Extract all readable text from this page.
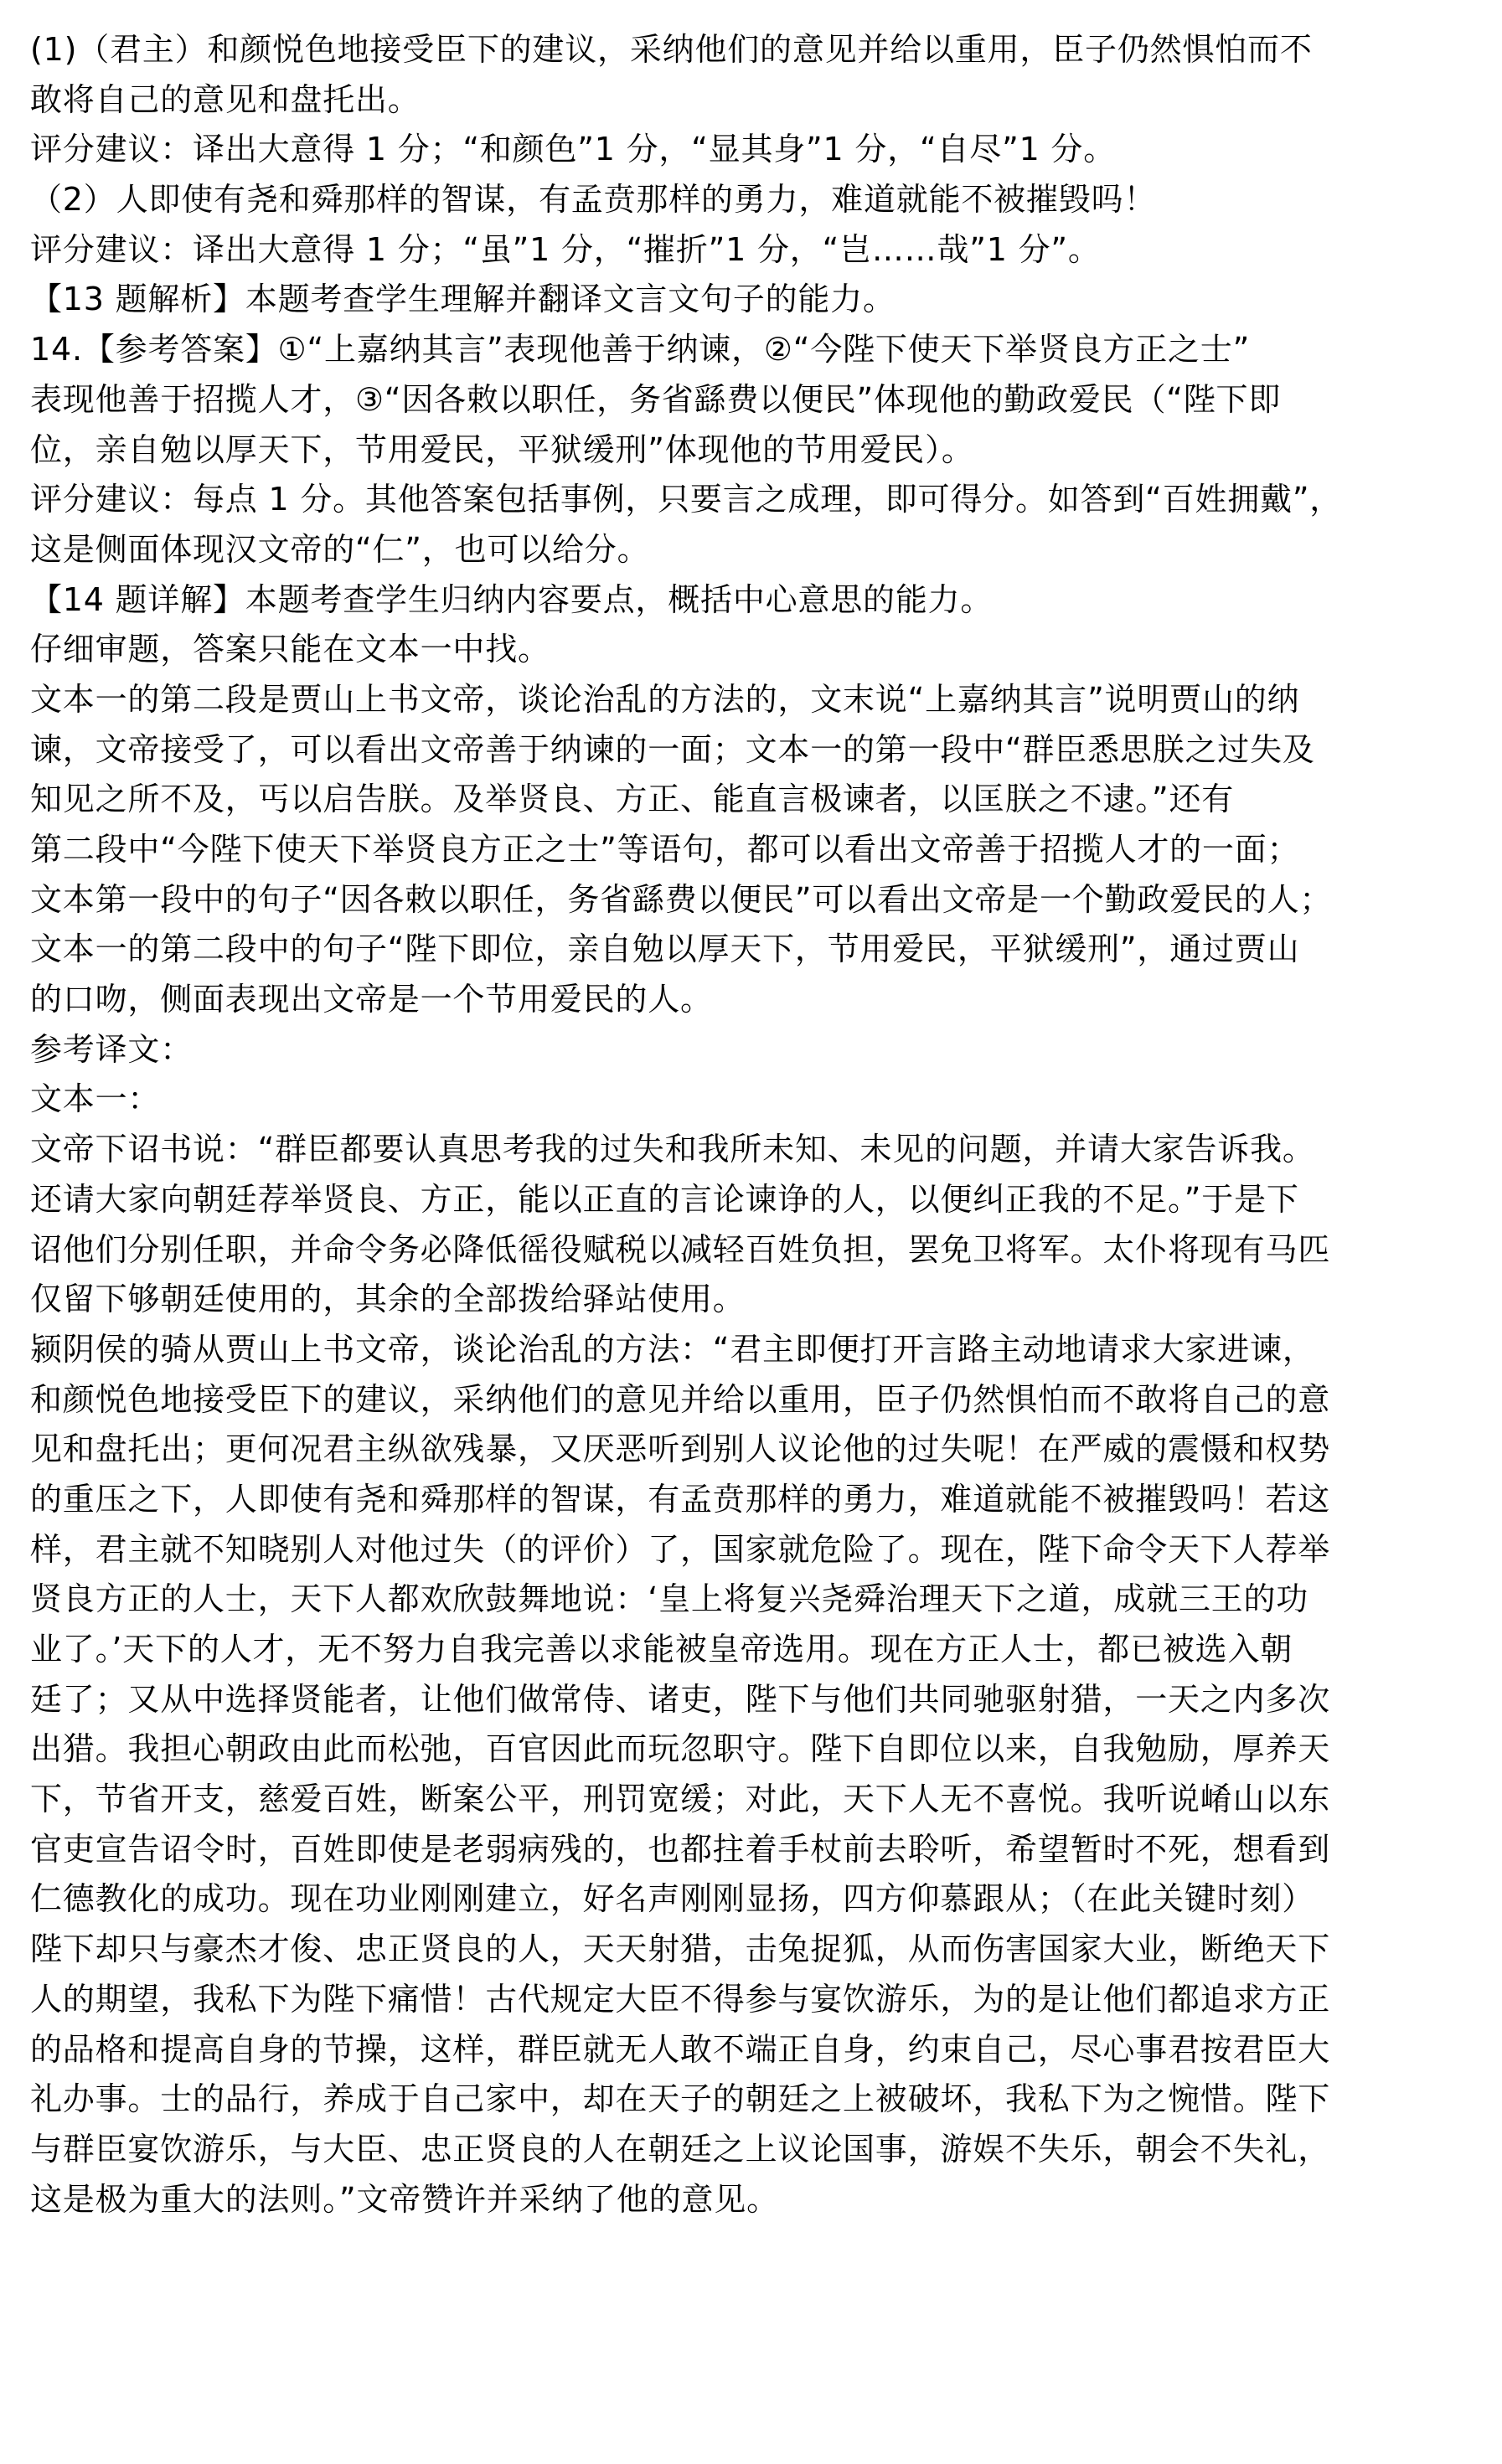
(1)（君主）和颜悦色地接受臣下的建议，采纳他们的意见并给以重用，臣子仍然惧怕而不
敢将自己的意见和盘托出。
评分建议：译出大意得 1 分；“和颜色”1 分，“显其身”1 分，“自尽”1 分。
（2）人即使有尧和舜那样的智谋，有孟贲那样的勇力，难道就能不被摧毁吗！
评分建议：译出大意得 1 分；“虽”1 分，“摧折”1 分，“岂……哉”1 分”。
【13 题解析】本题考查学生理解并翻译文言文句子的能力。
14.【参考答案】①“上嘉纳其言”表现他善于纳谏，②“今陛下使天下举贤良方正之士”
表现他善于招揽人才，③“因各敕以职任，务省繇费以便民”体现他的勤政爱民（“陛下即
位，亲自勉以厚天下，节用爱民，平狱缓刑”体现他的节用爱民）。
评分建议：每点 1 分。其他答案包括事例，只要言之成理，即可得分。如答到“百姓拥戴”，
这是侧面体现汉文帝的“仁”，也可以给分。
【14 题详解】本题考查学生归纳内容要点，概括中心意思的能力。
仔细审题，答案只能在文本一中找。
文本一的第二段是贾山上书文帝，谈论治乱的方法的，文末说“上嘉纳其言”说明贾山的纳
谏，文帝接受了，可以看出文帝善于纳谏的一面；文本一的第一段中“群臣悉思朕之过失及
知见之所不及，丐以启告朕。及举贤良、方正、能直言极谏者，以匡朕之不逮。”还有
第二段中“今陛下使天下举贤良方正之士”等语句，都可以看出文帝善于招揽人才的一面；
文本第一段中的句子“因各敕以职任，务省繇费以便民”可以看出文帝是一个勤政爱民的人；
文本一的第二段中的句子“陛下即位，亲自勉以厚天下，节用爱民，平狱缓刑”，通过贾山
的口吻，侧面表现出文帝是一个节用爱民的人。
参考译文：
文本一：
文帝下诏书说：“群臣都要认真思考我的过失和我所未知、未见的问题，并请大家告诉我。
还请大家向朝廷荐举贤良、方正，能以正直的言论谏诤的人，以便纠正我的不足。”于是下
诏他们分别任职，并命令务必降低徭役赋税以减轻百姓负担，罢免卫将军。太仆将现有马匹
仅留下够朝廷使用的，其余的全部拨给驿站使用。
颍阴侯的骑从贾山上书文帝，谈论治乱的方法：“君主即便打开言路主动地请求大家进谏，
和颜悦色地接受臣下的建议，采纳他们的意见并给以重用，臣子仍然惧怕而不敢将自己的意
见和盘托出；更何况君主纵欲残暴，又厌恶听到别人议论他的过失呢！在严威的震慑和权势
的重压之下，人即使有尧和舜那样的智谋，有孟贲那样的勇力，难道就能不被摧毁吗！若这
样，君主就不知晓别人对他过失（的评价）了，国家就危险了。现在，陛下命令天下人荐举
贤良方正的人士，天下人都欢欣鼓舞地说：‘皇上将复兴尧舜治理天下之道，成就三王的功
业了。’天下的人才，无不努力自我完善以求能被皇帝选用。现在方正人士，都已被选入朝
廷了；又从中选择贤能者，让他们做常侍、诸吏，陛下与他们共同驰驱射猎，一天之内多次
出猎。我担心朝政由此而松弛，百官因此而玩忽职守。陛下自即位以来，自我勉励，厚养天
下，节省开支，慈爱百姓，断案公平，刑罚宽缓；对此，天下人无不喜悦。我听说崤山以东
官吏宣告诏令时，百姓即使是老弱病残的，也都拄着手杖前去聆听，希望暂时不死，想看到
仁德教化的成功。现在功业刚刚建立，好名声刚刚显扬，四方仰慕跟从；（在此关键时刻）
陛下却只与豪杰才俊、忠正贤良的人，天天射猎，击兔捉狐，从而伤害国家大业，断绝天下
人的期望，我私下为陛下痛惜！古代规定大臣不得参与宴饮游乐，为的是让他们都追求方正
的品格和提高自身的节操，这样，群臣就无人敢不端正自身，约束自己，尽心事君按君臣大
礼办事。士的品行，养成于自己家中，却在天子的朝廷之上被破坏，我私下为之惋惜。陛下
与群臣宴饮游乐，与大臣、忠正贤良的人在朝廷之上议论国事，游娱不失乐，朝会不失礼，
这是极为重大的法则。”文帝赞许并采纳了他的意见。
